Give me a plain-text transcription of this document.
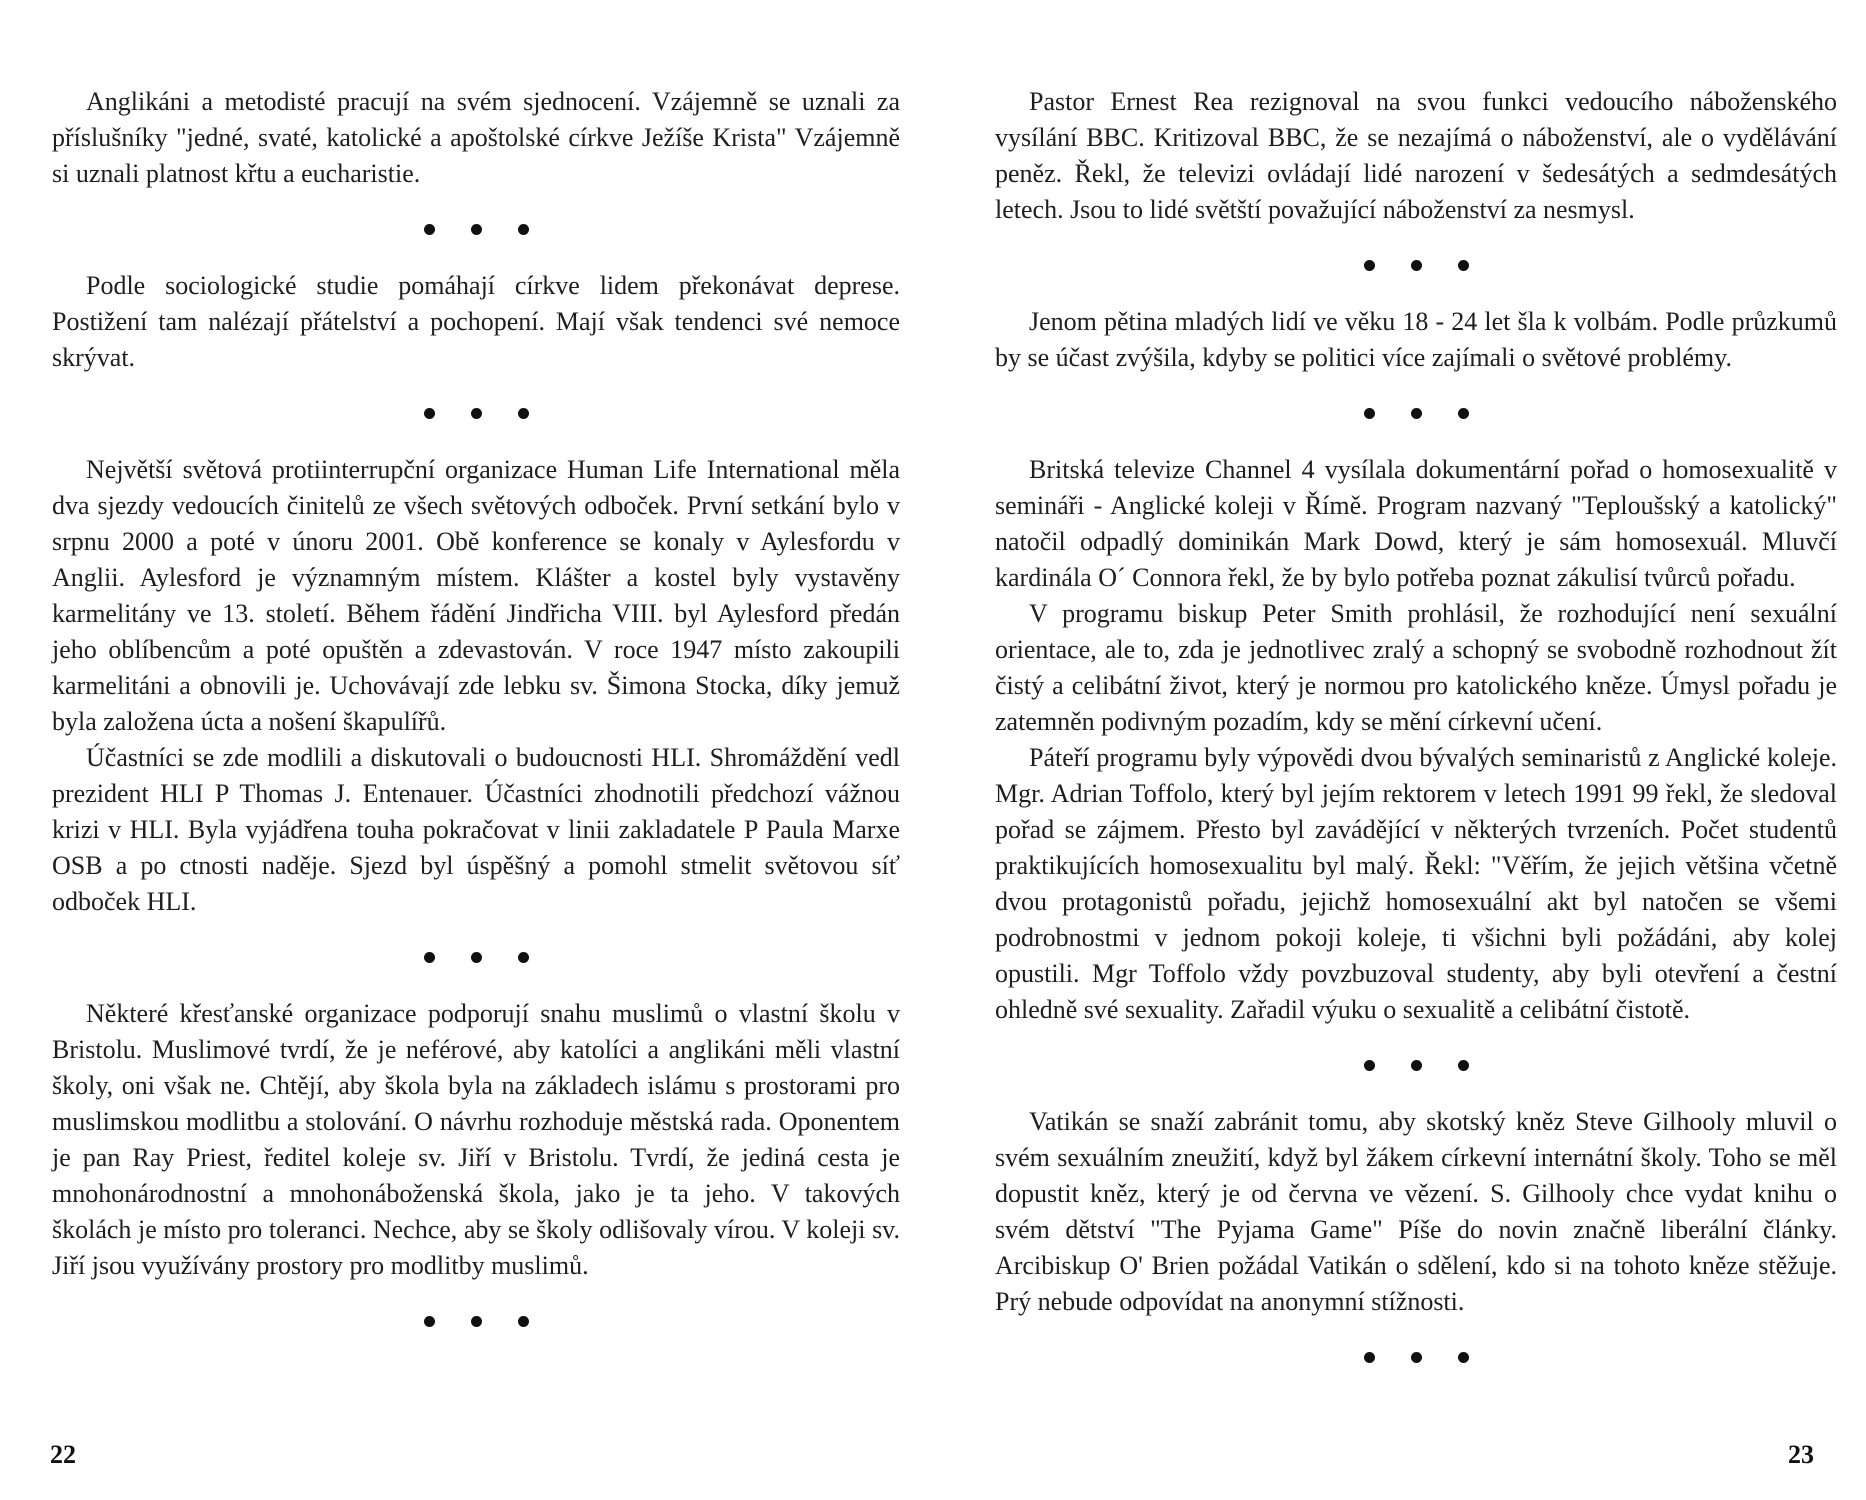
Anglikáni a metodisté pracují na svém sjednocení. Vzájemně se uznali za příslušníky "jedné, svaté, katolické a apoštolské církve Ježíše Krista" Vzájemně si uznali platnost křtu a eucharistie.

Podle sociologické studie pomáhají církve lidem překonávat deprese. Postižení tam nalézají přátelství a pochopení. Mají však tendenci své nemoce skrývat.

Největší světová protiinterrupční organizace Human Life International měla dva sjezdy vedoucích činitelů ze všech světových odboček. První setkání bylo v srpnu 2000 a poté v únoru 2001. Obě konference se konaly v Aylesfordu v Anglii. Aylesford je významným místem. Klášter a kostel byly vystavěny karmelitány ve 13. století. Během řádění Jindřicha VIII. byl Aylesford předán jeho oblíbencům a poté opuštěn a zdevastován. V roce 1947 místo zakoupili karmelitáni a obnovili je. Uchovávají zde lebku sv. Šimona Stocka, díky jemuž byla založena úcta a nošení škapulířů.

Účastníci se zde modlili a diskutovali o budoucnosti HLI. Shromáždění vedl prezident HLI P Thomas J. Entenauer. Účastníci zhodnotili předchozí vážnou krizi v HLI. Byla vyjádřena touha pokračovat v linii zakladatele P Paula Marxe OSB a po ctnosti naděje. Sjezd byl úspěšný a pomohl stmelit světovou síť odboček HLI.

Některé křesťanské organizace podporují snahu muslimů o vlastní školu v Bristolu. Muslimové tvrdí, že je neférové, aby katolíci a anglikáni měli vlastní školy, oni však ne. Chtějí, aby škola byla na základech islámu s prostorami pro muslimskou modlitbu a stolování. O návrhu rozhoduje městská rada. Oponentem je pan Ray Priest, ředitel koleje sv. Jiří v Bristolu. Tvrdí, že jediná cesta je mnohonárodnostní a mnohonáboženská škola, jako je ta jeho. V takových školách je místo pro toleranci. Nechce, aby se školy odlišovaly vírou. V koleji sv. Jiří jsou využívány prostory pro modlitby muslimů.

22

Pastor Ernest Rea rezignoval na svou funkci vedoucího náboženského vysílání BBC. Kritizoval BBC, že se nezajímá o náboženství, ale o vydělávání peněz. Řekl, že televizi ovládají lidé narození v šedesátých a sedmdesátých letech. Jsou to lidé světští považující náboženství za nesmysl.

Jenom pětina mladých lidí ve věku 18 - 24 let šla k volbám. Podle průzkumů by se účast zvýšila, kdyby se politici více zajímali o světové problémy.

Britská televize Channel 4 vysílala dokumentární pořad o homosexualitě v semináři - Anglické koleji v Římě. Program nazvaný "Teploušský a katolický" natočil odpadlý dominikán Mark Dowd, který je sám homosexuál. Mluvčí kardinála O´ Connora řekl, že by bylo potřeba poznat zákulisí tvůrců pořadu.

V programu biskup Peter Smith prohlásil, že rozhodující není sexuální orientace, ale to, zda je jednotlivec zralý a schopný se svobodně rozhodnout žít čistý a celibátní život, který je normou pro katolického kněze. Úmysl pořadu je zatemněn podivným pozadím, kdy se mění církevní učení.

Páteří programu byly výpovědi dvou bývalých seminaristů z Anglické koleje. Mgr. Adrian Toffolo, který byl jejím rektorem v letech 1991 99 řekl, že sledoval pořad se zájmem. Přesto byl zavádějící v některých tvrzeních. Počet studentů praktikujících homosexualitu byl malý. Řekl: "Věřím, že jejich většina včetně dvou protagonistů pořadu, jejichž homosexuální akt byl natočen se všemi podrobnostmi v jednom pokoji koleje, ti všichni byli požádáni, aby kolej opustili. Mgr Toffolo vždy povzbuzoval studenty, aby byli otevření a čestní ohledně své sexuality. Zařadil výuku o sexualitě a celibátní čistotě.

Vatikán se snaží zabránit tomu, aby skotský kněz Steve Gilhooly mluvil o svém sexuálním zneužití, když byl žákem církevní internátní školy. Toho se měl dopustit kněz, který je od června ve vězení. S. Gilhooly chce vydat knihu o svém dětství "The Pyjama Game" Píše do novin značně liberální články. Arcibiskup O' Brien požádal Vatikán o sdělení, kdo si na tohoto kněze stěžuje. Prý nebude odpovídat na anonymní stížnosti.

23
